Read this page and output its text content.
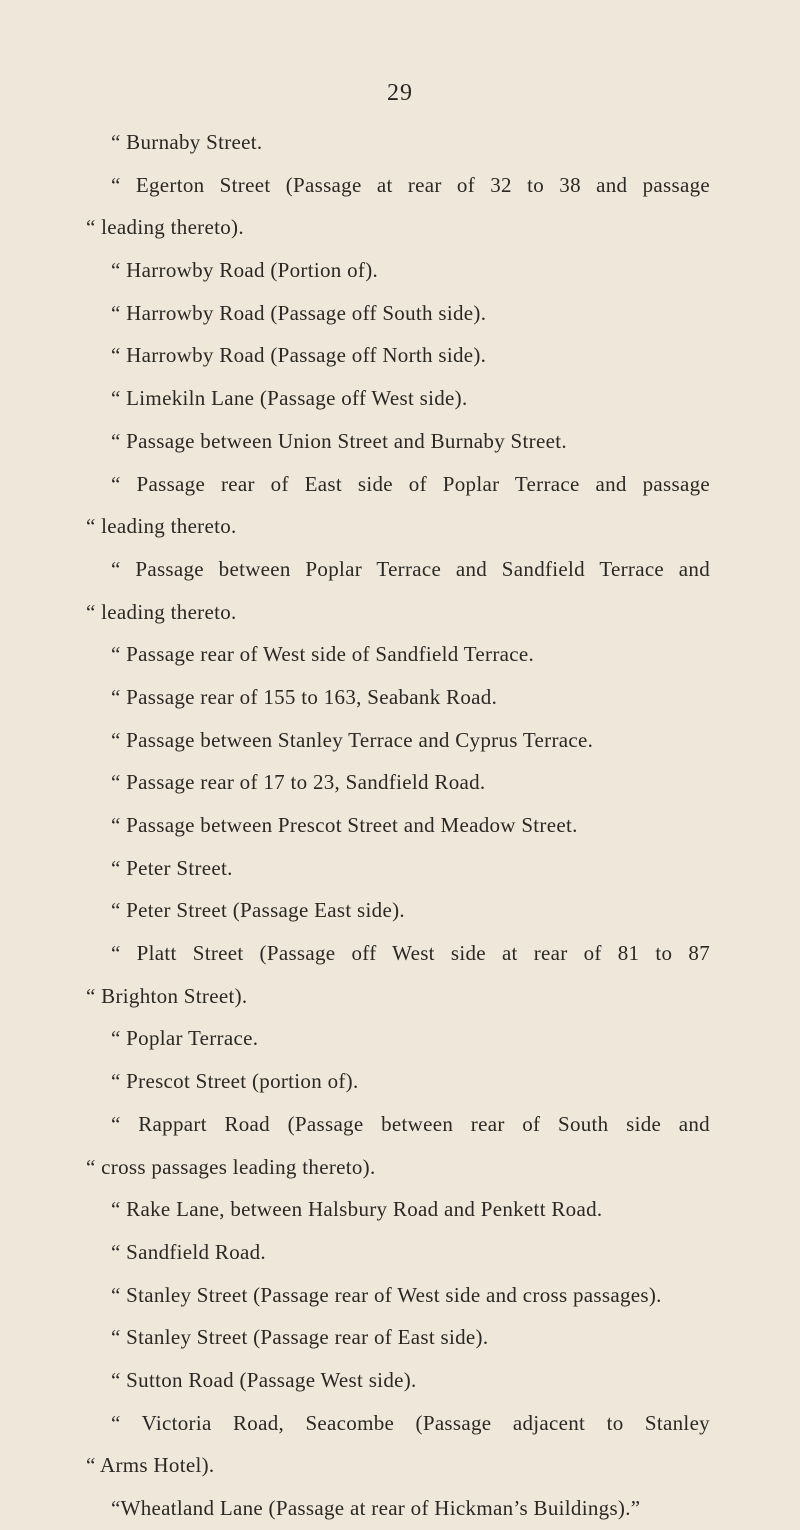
29
“ Burnaby Street.
“ Egerton Street (Passage at rear of 32 to 38 and passage
“ leading thereto).
“ Harrowby Road (Portion of).
“ Harrowby Road (Passage off South side).
“ Harrowby Road (Passage off North side).
“ Limekiln Lane (Passage off West side).
“ Passage between Union Street and Burnaby Street.
“ Passage rear of East side of Poplar Terrace and passage
“ leading thereto.
“ Passage between Poplar Terrace and Sandfield Terrace and
“ leading thereto.
“ Passage rear of West side of Sandfield Terrace.
“ Passage rear of 155 to 163, Seabank Road.
“ Passage between Stanley Terrace and Cyprus Terrace.
“ Passage rear of 17 to 23, Sandfield Road.
“ Passage between Prescot Street and Meadow Street.
“ Peter Street.
“ Peter Street (Passage East side).
“ Platt Street (Passage off West side at rear of 81 to 87
“ Brighton Street).
“ Poplar Terrace.
“ Prescot Street (portion of).
“ Rappart Road (Passage between rear of South side and
“ cross passages leading thereto).
“ Rake Lane, between Halsbury Road and Penkett Road.
“ Sandfield Road.
“ Stanley Street (Passage rear of West side and cross passages).
“ Stanley Street (Passage rear of East side).
“ Sutton Road (Passage West side).
“ Victoria Road, Seacombe (Passage adjacent to Stanley
“ Arms Hotel).
“Wheatland Lane (Passage at rear of Hickman’s Buildings).”
